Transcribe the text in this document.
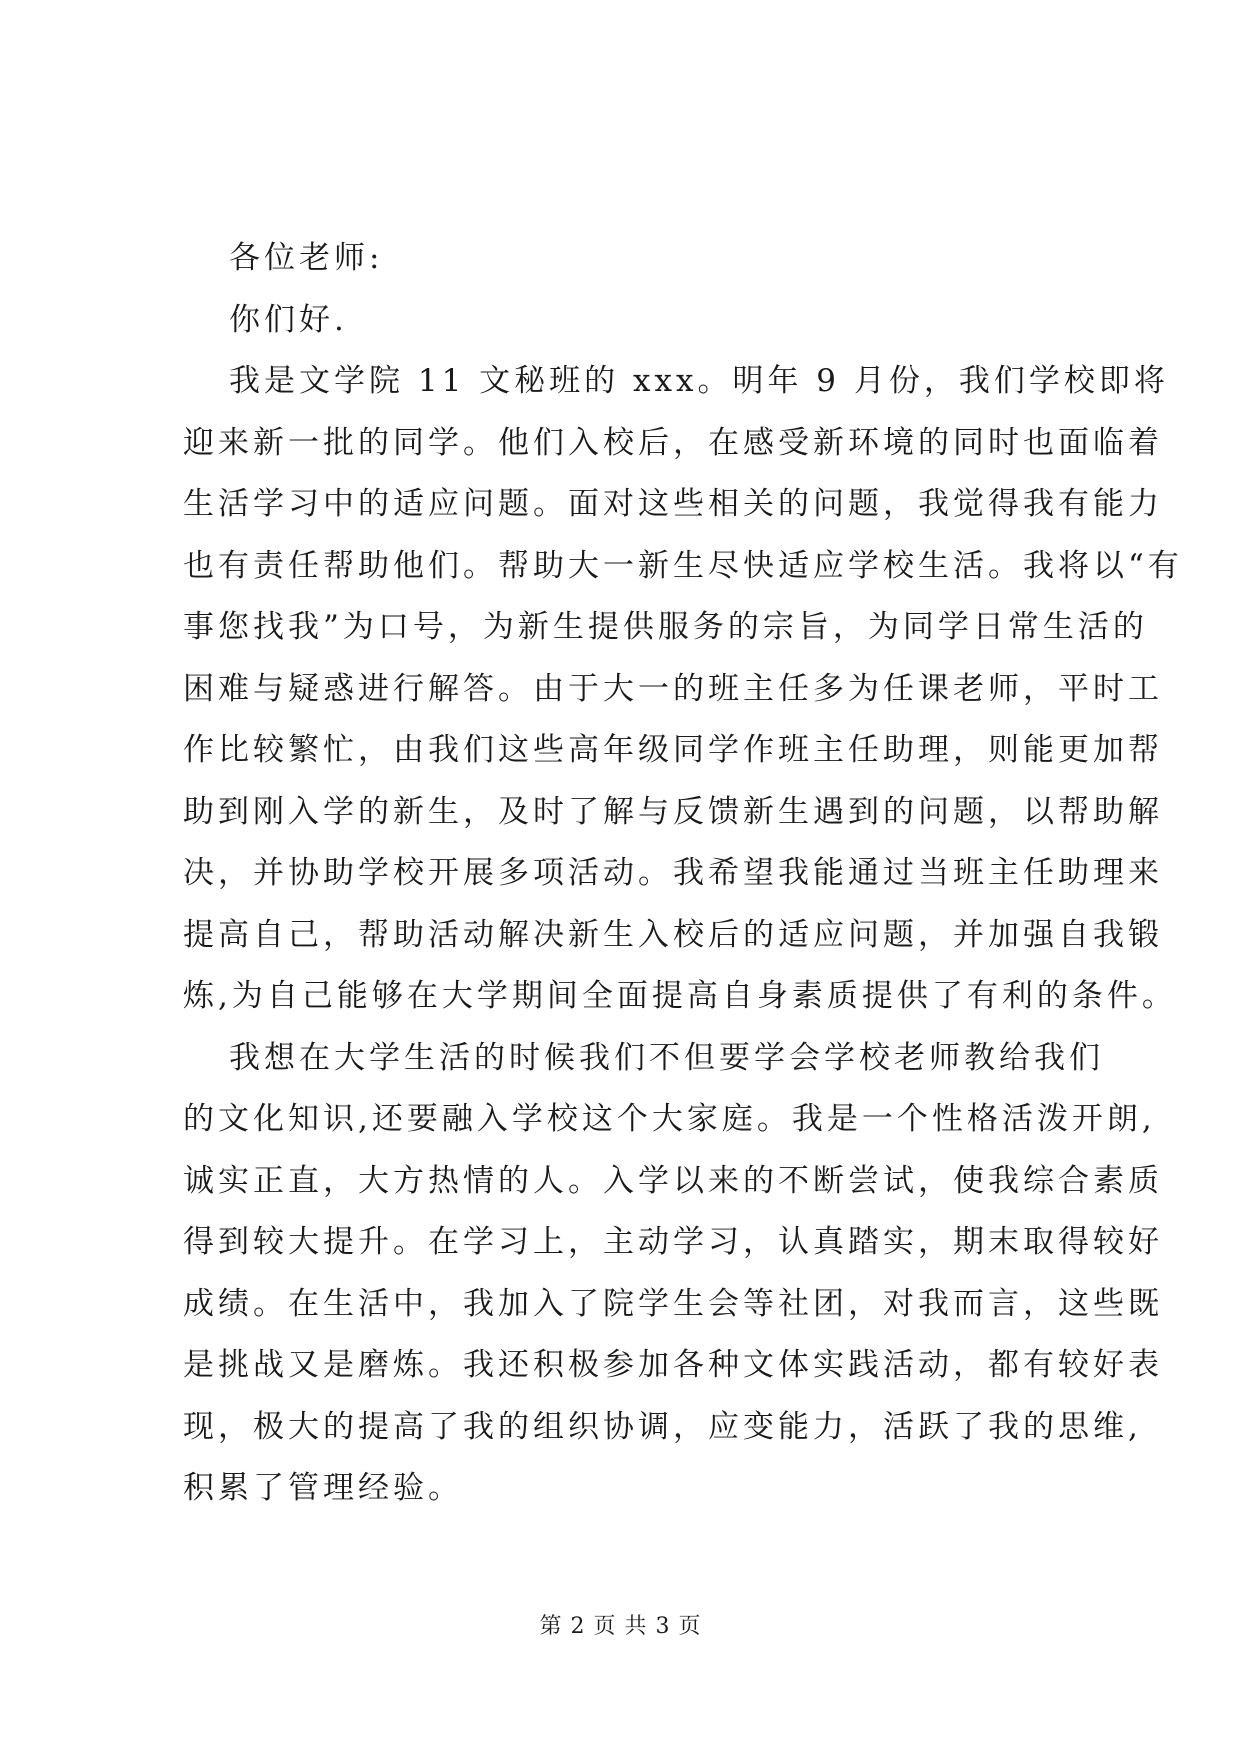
各位老师:

你们好.

我是文学院 11 文秘班的 xxx。明年 9 月份，我们学校即将

迎来新一批的同学。他们入校后，在感受新环境的同时也面临着

生活学习中的适应问题。面对这些相关的问题，我觉得我有能力

也有责任帮助他们。帮助大一新生尽快适应学校生活。我将以“有

事您找我”为口号，为新生提供服务的宗旨，为同学日常生活的

困难与疑惑进行解答。由于大一的班主任多为任课老师，平时工

作比较繁忙，由我们这些高年级同学作班主任助理，则能更加帮

助到刚入学的新生，及时了解与反馈新生遇到的问题，以帮助解

决，并协助学校开展多项活动。我希望我能通过当班主任助理来

提高自己，帮助活动解决新生入校后的适应问题，并加强自我锻

炼,为自己能够在大学期间全面提高自身素质提供了有利的条件。

我想在大学生活的时候我们不但要学会学校老师教给我们

的文化知识,还要融入学校这个大家庭。我是一个性格活泼开朗,

诚实正直，大方热情的人。入学以来的不断尝试，使我综合素质

得到较大提升。在学习上，主动学习，认真踏实，期末取得较好

成绩。在生活中，我加入了院学生会等社团，对我而言，这些既

是挑战又是磨炼。我还积极参加各种文体实践活动，都有较好表

现，极大的提高了我的组织协调，应变能力，活跃了我的思维,

积累了管理经验。

第 2 页 共 3 页
